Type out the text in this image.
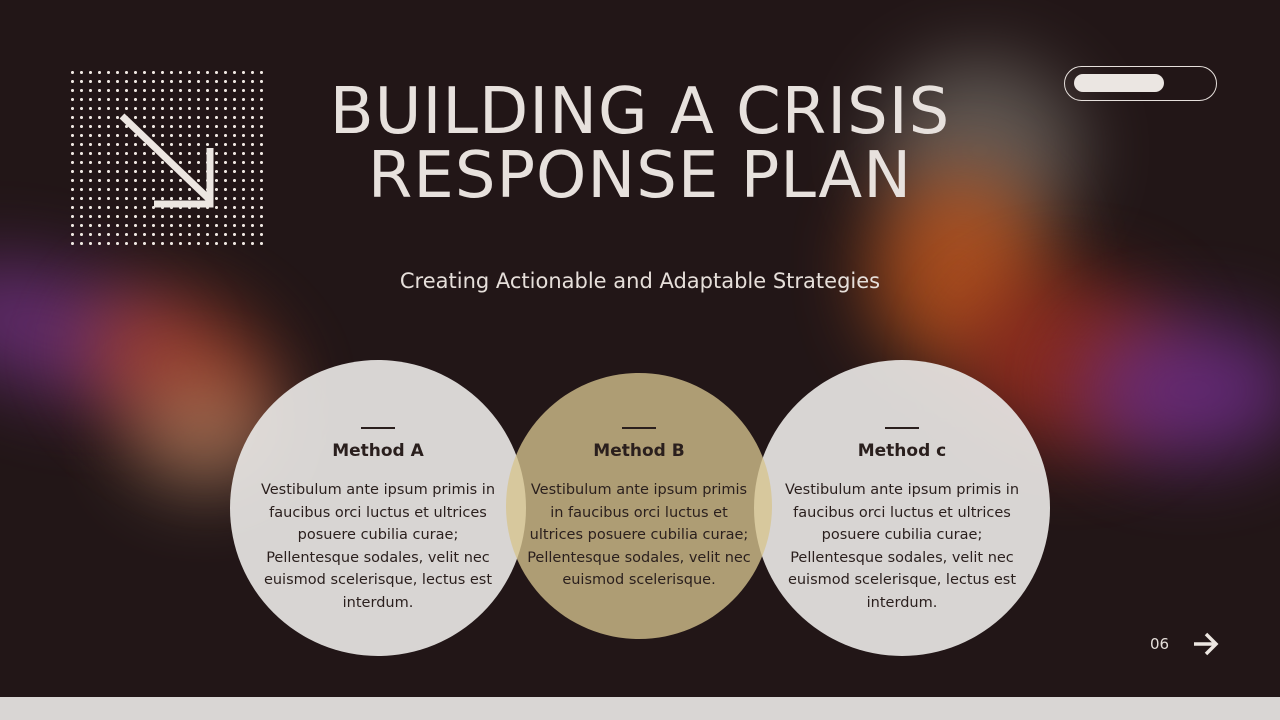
BUILDING A CRISIS
RESPONSE PLAN
Creating Actionable and Adaptable Strategies
Method A
Vestibulum ante ipsum primis in faucibus orci luctus et ultrices posuere cubilia curae; Pellentesque sodales, velit nec euismod scelerisque, lectus est interdum.
Method c
Vestibulum ante ipsum primis in faucibus orci luctus et ultrices posuere cubilia curae; Pellentesque sodales, velit nec euismod scelerisque, lectus est interdum.
Method B
Vestibulum ante ipsum primis in faucibus orci luctus et ultrices posuere cubilia curae; Pellentesque sodales, velit nec euismod scelerisque.
06
